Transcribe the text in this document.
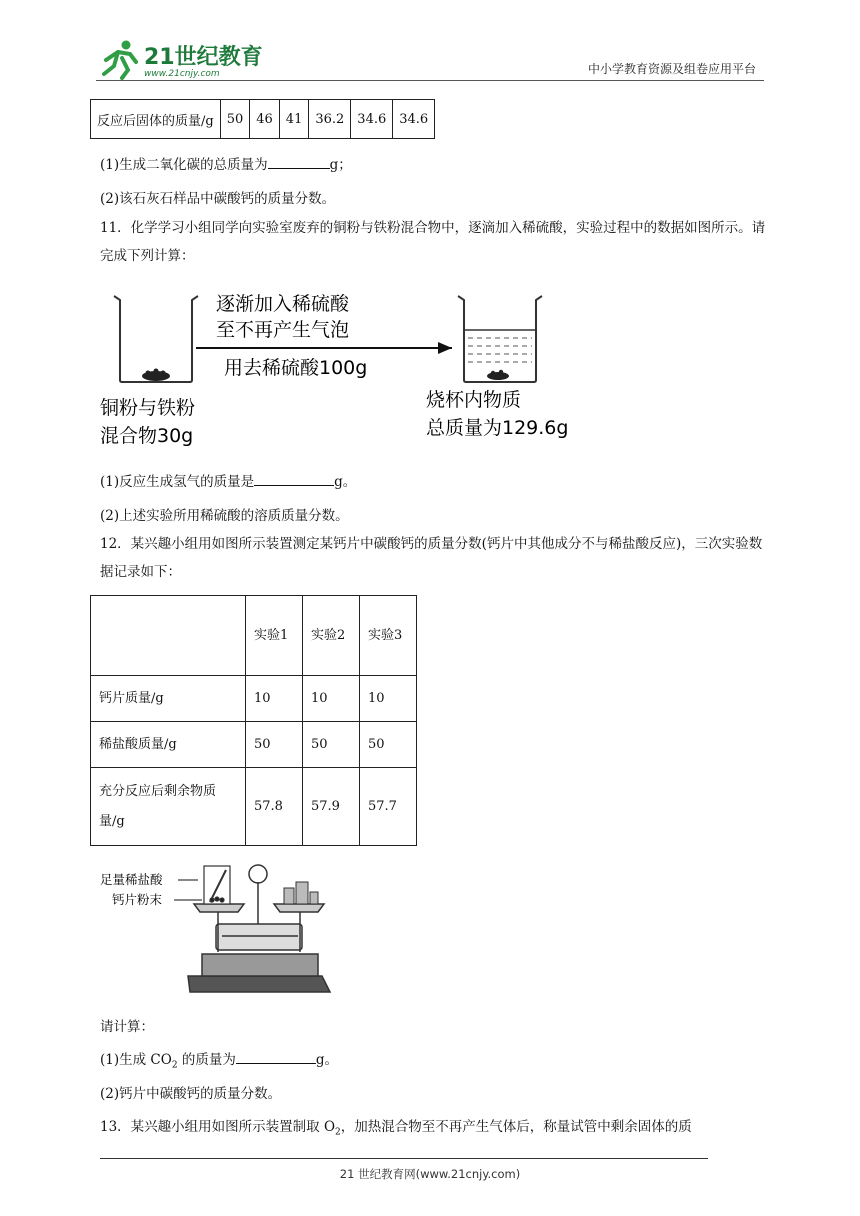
21世纪教育
www.21cnjy.com	中小学教育资源及组卷应用平台
反应后固体的质量/g	50	46	41	36.2	34.6	34.6
(1)生成二氧化碳的总质量为	g；
(2)该石灰石样品中碳酸钙的质量分数。
11．化学学习小组同学向实验室废弃的铜粉与铁粉混合物中，逐滴加入稀硫酸，实验过程中的数据如图所示。请完成下列计算：
逐渐加入稀硫酸
至不再产生气泡
用去稀硫酸100g
铜粉与铁粉
混合物30g
烧杯内物质
总质量为129.6g
(1)反应生成氢气的质量是	g。
(2)上述实验所用稀硫酸的溶质质量分数。
12．某兴趣小组用如图所示装置测定某钙片中碳酸钙的质量分数(钙片中其他成分不与稀盐酸反应)，三次实验数据记录如下：
	实验1	实验2	实验3
钙片质量/g	10	10	10
稀盐酸质量/g	50	50	50
充分反应后剩余物质量/g	57.8	57.9	57.7
足量稀盐酸
钙片粉末
请计算：
(1)生成 $CO_2$ 的质量为	g。
(2)钙片中碳酸钙的质量分数。
13．某兴趣小组用如图所示装置制取 $O_2$，加热混合物至不再产生气体后，称量试管中剩余固体的质
21 世纪教育网(www.21cnjy.com)
